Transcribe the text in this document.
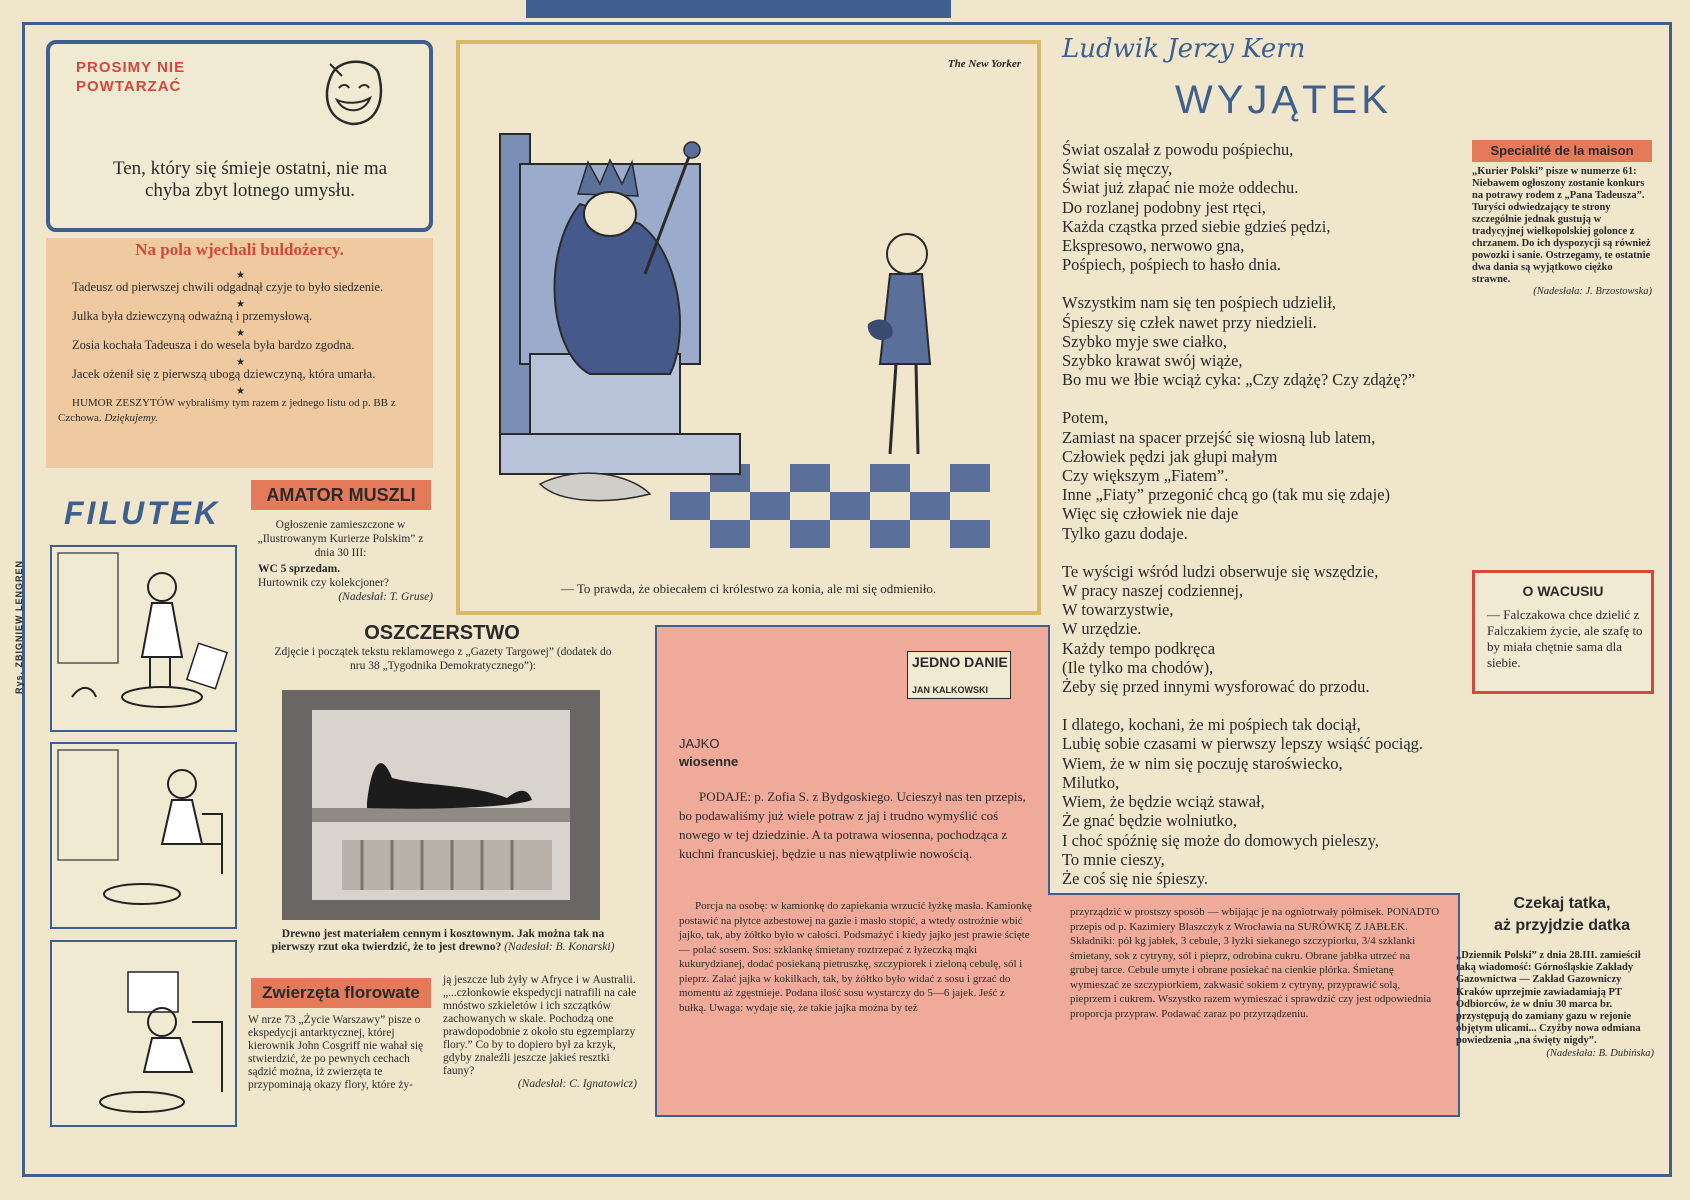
PROSIMY NIE
POWTARZAĆ
Ten, który się śmieje ostatni, nie ma chyba zbyt lotnego umysłu.
Na pola wjechali buldożercy.

★

Tadeusz od pierwszej chwili odgadnął czyje to było siedzenie.

★

Julka była dziewczyną odważną i przemysłową.

★

Zosia kochała Tadeusza i do wesela była bardzo zgodna.

★

Jacek ożenił się z pierwszą ubogą dziewczyną, która umarła.

★

HUMOR ZESZYTÓW wybraliśmy tym razem z jednego listu od p. BB z Czchowa. Dziękujemy.

FILUTEK
Rys. ZBIGNIEW LENGREN
AMATOR MUSZLI
Ogłoszenie zamieszczone w „Ilustrowanym Kurierze Polskim” z dnia 30 III:
WC 5 sprzedam.
Hurtownik czy kolekcjoner?
(Nadesłał: T. Gruse)
OSZCZERSTWO
Zdjęcie i początek tekstu reklamowego z „Gazety Targowej” (dodatek do nru 38 „Tygodnika Demokratycznego”):
Drewno jest materiałem cennym i kosztownym. Jak można tak na pierwszy rzut oka twierdzić, że to jest drewno? (Nadesłał: B. Konarski)
Zwierzęta florowate
W nrze 73 „Życie Warszawy” pisze o ekspedycji antarktycznej, której kierownik John Cosgriff nie wahał się stwierdzić, że po pewnych cechach sądzić można, iż zwierzęta te przypominają okazy flory, które ży-
ją jeszcze lub żyły w Afryce i w Australii. „...członkowie ekspedycji natrafili na całe mnóstwo szkieletów i ich szczątków zachowanych w skale. Pochodzą one prawdopodobnie z około stu egzemplarzy flory.” Co by to dopiero był za krzyk, gdyby znaleźli jeszcze jakieś resztki fauny?
(Nadesłał: C. Ignatowicz)
The New Yorker
— To prawda, że obiecałem ci królestwo za konia, ale mi się odmieniło.
Ludwik Jerzy Kern
WYJĄTEK
Świat oszalał z powodu pośpiechu,
Świat się męczy,
Świat już złapać nie może oddechu.
Do rozlanej podobny jest rtęci,
Każda cząstka przed siebie gdzieś pędzi,
Ekspresowo, nerwowo gna,
Pośpiech, pośpiech to hasło dnia.
Wszystkim nam się ten pośpiech udzielił,
Śpieszy się człek nawet przy niedzieli.
Szybko myje swe ciałko,
Szybko krawat swój wiąże,
Bo mu we łbie wciąż cyka: „Czy zdążę? Czy zdążę?”
Potem,
Zamiast na spacer przejść się wiosną lub latem,
Człowiek pędzi jak głupi małym
Czy większym „Fiatem”.
Inne „Fiaty” przegonić chcą go (tak mu się zdaje)
Więc się człowiek nie daje
Tylko gazu dodaje.
Te wyścigi wśród ludzi obserwuje się wszędzie,
W pracy naszej codziennej,
W towarzystwie,
W urzędzie.
Każdy tempo podkręca
(Ile tylko ma chodów),
Żeby się przed innymi wysforować do przodu.
I dlatego, kochani, że mi pośpiech tak dociął,
Lubię sobie czasami w pierwszy lepszy wsiąść pociąg.
Wiem, że w nim się poczuję staroświecko,
Milutko,
Wiem, że będzie wciąż stawał,
Że gnać będzie wolniutko,
I choć spóźnię się może do domowych pieleszy,
To mnie cieszy,
Że coś się nie śpieszy.
Specialité de la maison
„Kurier Polski” pisze w numerze 61: Niebawem ogłoszony zostanie konkurs na potrawy rodem z „Pana Tadeusza”. Turyści odwiedzający te strony szczególnie jednak gustują w tradycyjnej wielkopolskiej golonce z chrzanem. Do ich dyspozycji są również powozki i sanie. Ostrzegamy, te ostatnie dwa dania są wyjątkowo ciężko strawne.
(Nadesłała: J. Brzostowska)
O WACUSIU

— Falczakowa chce dzielić z Falczakiem życie, ale szafę to by miała chętnie sama dla siebie.

JEDNO DANIE
JAN KALKOWSKI
JAJKO
wiosenne
PODAJE: p. Zofia S. z Bydgoskiego. Ucieszył nas ten przepis, bo podawaliśmy już wiele potraw z jaj i trudno wymyślić coś nowego w tej dziedzinie. A ta potrawa wiosenna, pochodząca z kuchni francuskiej, będzie u nas niewątpliwie nowością.
Porcja na osobę: w kamionkę do zapiekania wrzucić łyżkę masła. Kamionkę postawić na płytce azbestowej na gazie i masło stopić, a wtedy ostrożnie wbić jajko, tak, aby żółtko było w całości. Podsmażyć i kiedy jajko jest prawie ścięte — polać sosem. Sos: szklankę śmietany roztrzepać z łyżeczką mąki kukurydzianej, dodać posiekaną pietruszkę, szczypiorek i zieloną cebulę, sól i pieprz. Zalać jajka w kokilkach, tak, by żółtko było widać z sosu i grzać do momentu aż zgęstnieje. Podana ilość sosu wystarczy do 5—6 jajek. Jeść z bułką. Uwaga: wydaje się, że takie jajka można by też
przyrządzić w prostszy sposób — wbijając je na ogniotrwały półmisek. PONADTO przepis od p. Kazimiery Blaszczyk z Wrocławia na SURÓWKĘ Z JABŁEK. Składniki: pół kg jabłek, 3 cebule, 3 łyżki siekanego szczypiorku, 3/4 szklanki śmietany, sok z cytryny, sól i pieprz, odrobina cukru. Obrane jabłka utrzeć na grubej tarce. Cebule umyte i obrane posiekać na cienkie plórka. Śmietanę wymieszać ze szczypiorkiem, zakwasić sokiem z cytryny, przyprawić solą, pieprzem i cukrem. Wszystko razem wymieszać i sprawdzić czy jest odpowiednia proporcja przypraw. Podawać zaraz po przyrządzeniu.
Czekaj tatka,
aż przyjdzie datka
„Dziennik Polski” z dnia 28.III. zamieścił taką wiadomość: Górnośląskie Zakłady Gazownictwa — Zakład Gazowniczy Kraków uprzejmie zawiadamiają PT Odbiorców, że w dniu 30 marca br. przystępują do zamiany gazu w rejonie objętym ulicami... Czyżby nowa odmiana powiedzenia „na święty nigdy”.
(Nadesłała: B. Dubińska)
